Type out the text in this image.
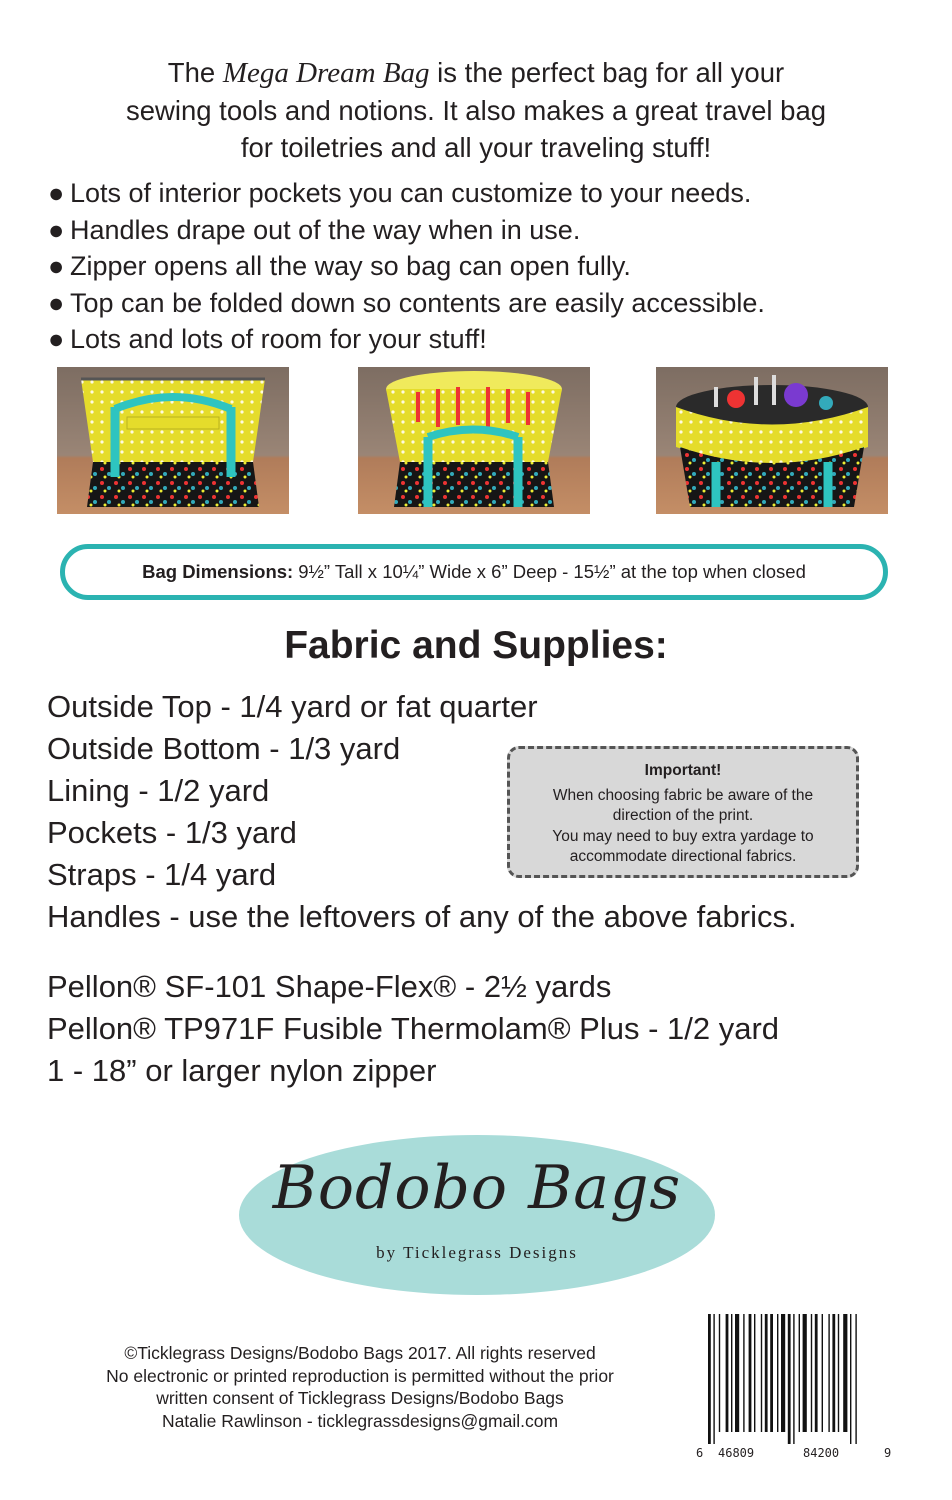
The Mega Dream Bag is the perfect bag for all your
sewing tools and notions. It also makes a great travel bag
for toiletries and all your traveling stuff!
● Lots of interior pockets you can customize to your needs.
● Handles drape out of the way when in use.
● Zipper opens all the way so bag can open fully.
● Top can be folded down so contents are easily accessible.
● Lots and lots of room for your stuff!
Bag Dimensions: 9½” Tall x 10¼” Wide x 6” Deep - 15½” at the top when closed
Fabric and Supplies:
Outside Top - 1/4 yard or fat quarter
Outside Bottom - 1/3 yard
Lining - 1/2 yard
Pockets - 1/3 yard
Straps - 1/4 yard
Handles - use the leftovers of any of the above fabrics.
Important!
When choosing fabric be aware of the
direction of the print.
You may need to buy extra yardage to
accommodate directional fabrics.
Pellon® SF-101 Shape-Flex® - 2½ yards
Pellon® TP971F Fusible Thermolam® Plus - 1/2 yard
1 - 18” or larger nylon zipper
Bodobo Bags
by Ticklegrass Designs
©Ticklegrass Designs/Bodobo Bags 2017. All rights reserved
No electronic or printed reproduction is permitted without the prior
written consent of Ticklegrass Designs/Bodobo Bags
Natalie Rawlinson - ticklegrassdesigns@gmail.com
6 46809	84200	9
